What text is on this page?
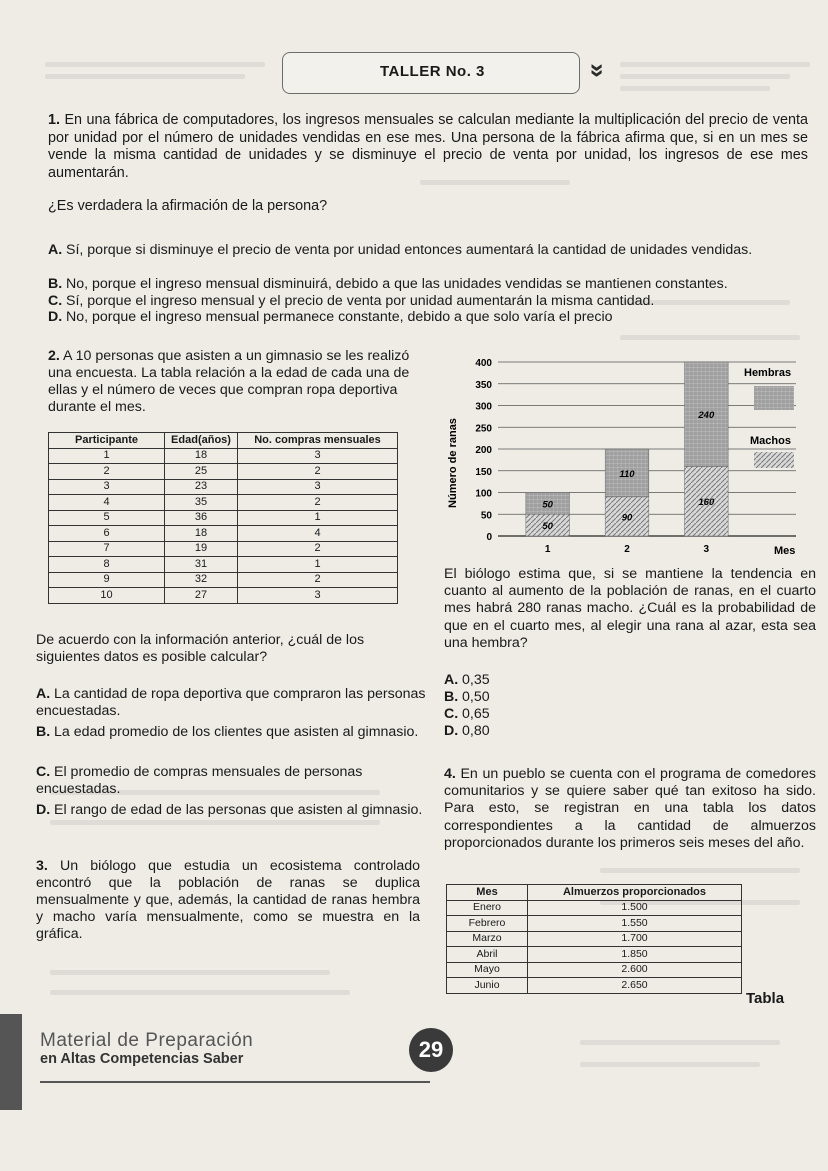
TALLER No. 3	»
1. En una fábrica de computadores, los ingresos mensuales se calculan mediante la multiplicación del precio de venta por unidad por el número de unidades vendidas en ese mes. Una persona de la fábrica afirma que, si en un mes se vende la misma cantidad de unidades y se disminuye el precio de venta por unidad, los ingresos de ese mes aumentarán.
¿Es verdadera la afirmación de la persona?
A. Sí, porque si disminuye el precio de venta por unidad entonces aumentará la cantidad de unidades vendidas.
B. No, porque el ingreso mensual disminuirá, debido a que las unidades vendidas se mantienen constantes.
C. Sí, porque el ingreso mensual y el precio de venta por unidad aumentarán la misma cantidad.
D. No, porque el ingreso mensual permanece constante, debido a que solo varía el precio
2. A 10 personas que asisten a un gimnasio se les realizó una encuesta. La tabla relación a la edad de cada una de ellas y el número de veces que compran ropa deportiva durante el mes.
Participante	Edad(años)	No. compras mensuales
1	18	3
2	25	2
3	23	3
4	35	2
5	36	1
6	18	4
7	19	2
8	31	1
9	32	2
10	27	3
De acuerdo con la información anterior, ¿cuál de los siguientes datos es posible calcular?
A. La cantidad de ropa deportiva que compraron las personas encuestadas.
B. La edad promedio de los clientes que asisten al gimnasio.
C. El promedio de compras mensuales de personas encuestadas.
D. El rango de edad de las personas que asisten al gimnasio.
3. Un biólogo que estudia un ecosistema controlado encontró que la población de ranas se duplica mensualmente y que, además, la cantidad de ranas hembra y macho varía mensualmente, como se muestra en la gráfica.
0
50
100
150
200
250
300
350
400
50
50
1
90
110
2
160
240
3
Número de ranas
Mes
Hembras
Machos
El biólogo estima que, si se mantiene la tendencia en cuanto al aumento de la población de ranas, en el cuarto mes habrá 280 ranas macho. ¿Cuál es la probabilidad de que en el cuarto mes, al elegir una rana al azar, esta sea una hembra?
A. 0,35
B. 0,50
C. 0,65
D. 0,80
4. En un pueblo se cuenta con el programa de comedores comunitarios y se quiere saber qué tan exitoso ha sido. Para esto, se registran en una tabla los datos correspondientes a la cantidad de almuerzos proporcionados durante los primeros seis meses del año.
Mes	Almuerzos proporcionados
Enero	1.500
Febrero	1.550
Marzo	1.700
Abril	1.850
Mayo	2.600
Junio	2.650
Tabla
Material de Preparación
en Altas Competencias Saber	29
